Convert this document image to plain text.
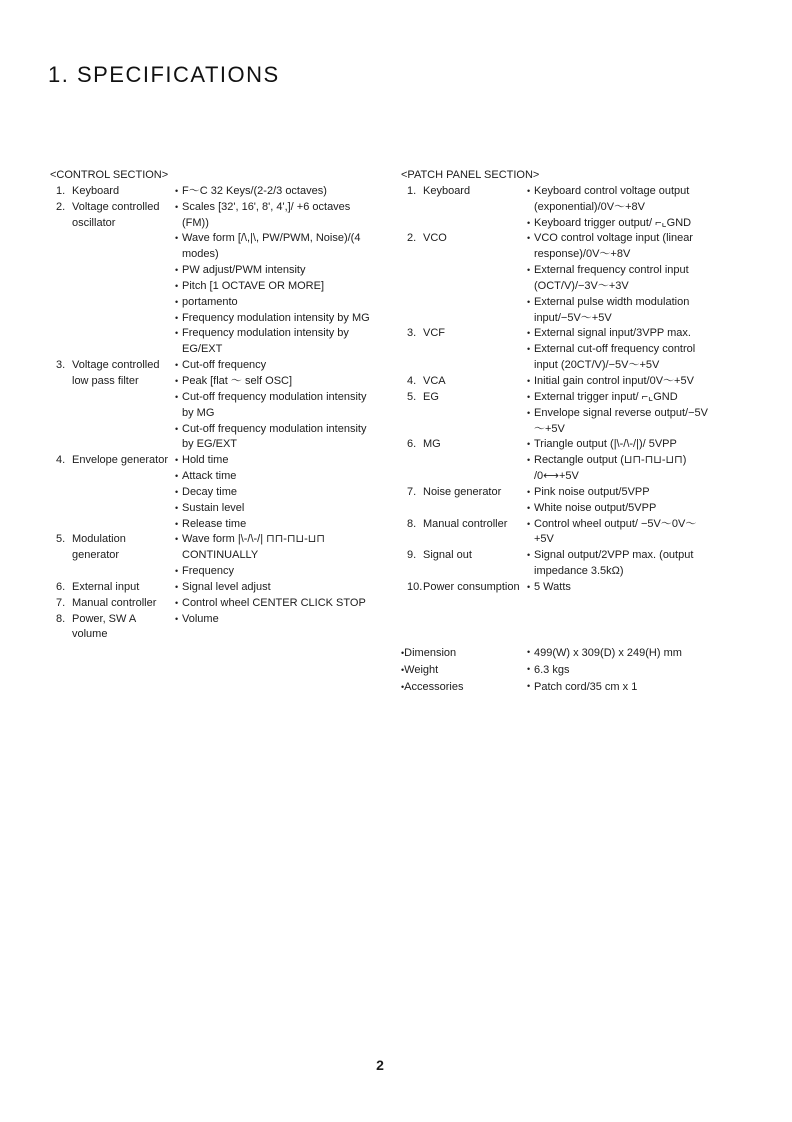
1. SPECIFICATIONS
<CONTROL SECTION>
1. Keyboard	• F～C 32 Keys/(2-2/3 octaves)
2. Voltage controlled
oscillator
• Scales [32', 16', 8', 4',]/ +6 octaves (FM))
• Wave form [/\,|\, PW/PWM, Noise)/(4 modes)
• PW adjust/PWM intensity
• Pitch [1 OCTAVE OR MORE]
• portamento
• Frequency modulation intensity by MG
• Frequency modulation intensity by EG/EXT
3. Voltage controlled
low pass filter
• Cut-off frequency
• Peak [flat ～ self OSC]
• Cut-off frequency modulation intensity by MG
• Cut-off frequency modulation intensity by EG/EXT
4. Envelope generator • Hold time
• Attack time
• Decay time
• Sustain level
• Release time
5. Modulation
generator
• Wave form |\-/\-/| ⊓⊓-⊓⊔-⊔⊓ CONTINUALLY
• Frequency
6. External input	• Signal level adjust
7. Manual controller	• Control wheel CENTER CLICK STOP
8. Power, SW A
volume
• Volume
<PATCH PANEL SECTION>
1. Keyboard	• Keyboard control voltage output (exponential)/0V～+8V
• Keyboard trigger output/ ⌐⌞GND
2. VCO	• VCO control voltage input (linear response)/0V～+8V
• External frequency control input (OCT/V)/−3V～+3V
• External pulse width modulation input/−5V～+5V
3. VCF	• External signal input/3VPP max.
• External cut-off frequency control input (20CT/V)/−5V～+5V
4. VCA	• Initial gain control input/0V～+5V
5. EG	• External trigger input/ ⌐⌞GND
• Envelope signal reverse output/−5V～+5V
6. MG	• Triangle output (|\-/\-/|)/ 5VPP
• Rectangle output (⊔⊓-⊓⊔-⊔⊓) /0⟷+5V
7. Noise generator	• Pink noise output/5VPP
• White noise output/5VPP
8. Manual controller	• Control wheel output/ −5V～0V～+5V
9. Signal out	• Signal output/2VPP max. (output impedance 3.5kΩ)
10.Power consumption • 5 Watts
•Dimension	• 499(W) x 309(D) x 249(H) mm
•Weight	• 6.3 kgs
•Accessories	• Patch cord/35 cm x 1
2
